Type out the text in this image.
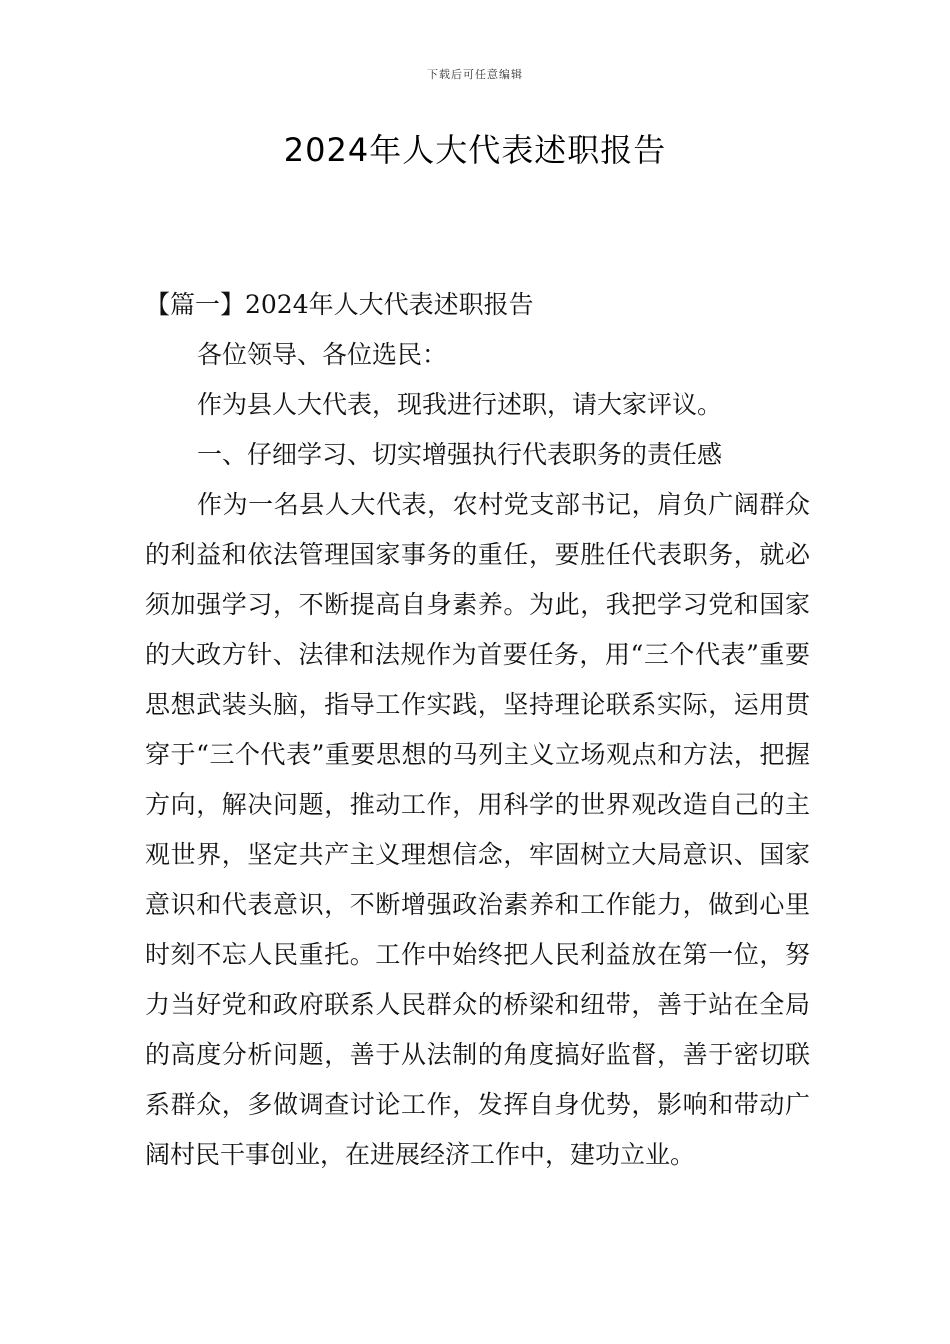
下载后可任意编辑
2024年人大代表述职报告

【篇一】2024年人大代表述职报告

各位领导、各位选民：

作为县人大代表，现我进行述职，请大家评议。

一、仔细学习、切实增强执行代表职务的责任感

作为一名县人大代表，农村党支部书记，肩负广阔群众的利益和依法管理国家事务的重任，要胜任代表职务，就必须加强学习，不断提高自身素养。为此，我把学习党和国家的大政方针、法律和法规作为首要任务，用“三个代表”重要思想武装头脑，指导工作实践，坚持理论联系实际，运用贯穿于“三个代表”重要思想的马列主义立场观点和方法，把握方向，解决问题，推动工作，用科学的世界观改造自己的主观世界，坚定共产主义理想信念，牢固树立大局意识、国家意识和代表意识，不断增强政治素养和工作能力，做到心里时刻不忘人民重托。工作中始终把人民利益放在第一位，努力当好党和政府联系人民群众的桥梁和纽带，善于站在全局的高度分析问题，善于从法制的角度搞好监督，善于密切联系群众，多做调查讨论工作，发挥自身优势，影响和带动广阔村民干事创业，在进展经济工作中，建功立业。
